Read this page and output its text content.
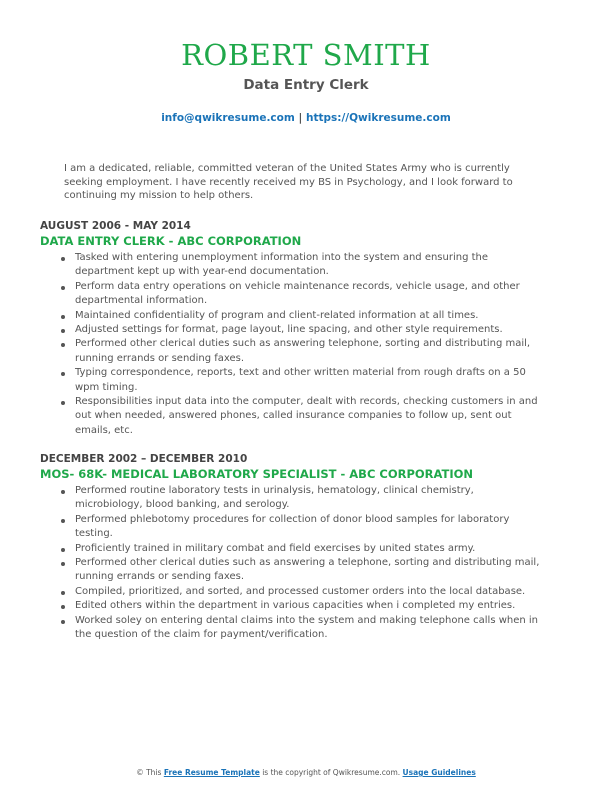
ROBERT SMITH
Data Entry Clerk
info@qwikresume.com | https://Qwikresume.com
I am a dedicated, reliable, committed veteran of the United States Army who is currently seeking employment. I have recently received my BS in Psychology, and I look forward to continuing my mission to help others.
AUGUST 2006 - MAY 2014
DATA ENTRY CLERK - ABC CORPORATION
Tasked with entering unemployment information into the system and ensuring the department kept up with year-end documentation.
Perform data entry operations on vehicle maintenance records, vehicle usage, and other departmental information.
Maintained confidentiality of program and client-related information at all times.
Adjusted settings for format, page layout, line spacing, and other style requirements.
Performed other clerical duties such as answering telephone, sorting and distributing mail, running errands or sending faxes.
Typing correspondence, reports, text and other written material from rough drafts on a 50 wpm timing.
Responsibilities input data into the computer, dealt with records, checking customers in and out when needed, answered phones, called insurance companies to follow up, sent out emails, etc.
DECEMBER 2002 – DECEMBER 2010
MOS- 68K- MEDICAL LABORATORY SPECIALIST - ABC CORPORATION
Performed routine laboratory tests in urinalysis, hematology, clinical chemistry, microbiology, blood banking, and serology.
Performed phlebotomy procedures for collection of donor blood samples for laboratory testing.
Proficiently trained in military combat and field exercises by united states army.
Performed other clerical duties such as answering a telephone, sorting and distributing mail, running errands or sending faxes.
Compiled, prioritized, and sorted, and processed customer orders into the local database.
Edited others within the department in various capacities when i completed my entries.
Worked soley on entering dental claims into the system and making telephone calls when in the question of the claim for payment/verification.
© This Free Resume Template is the copyright of Qwikresume.com. Usage Guidelines
